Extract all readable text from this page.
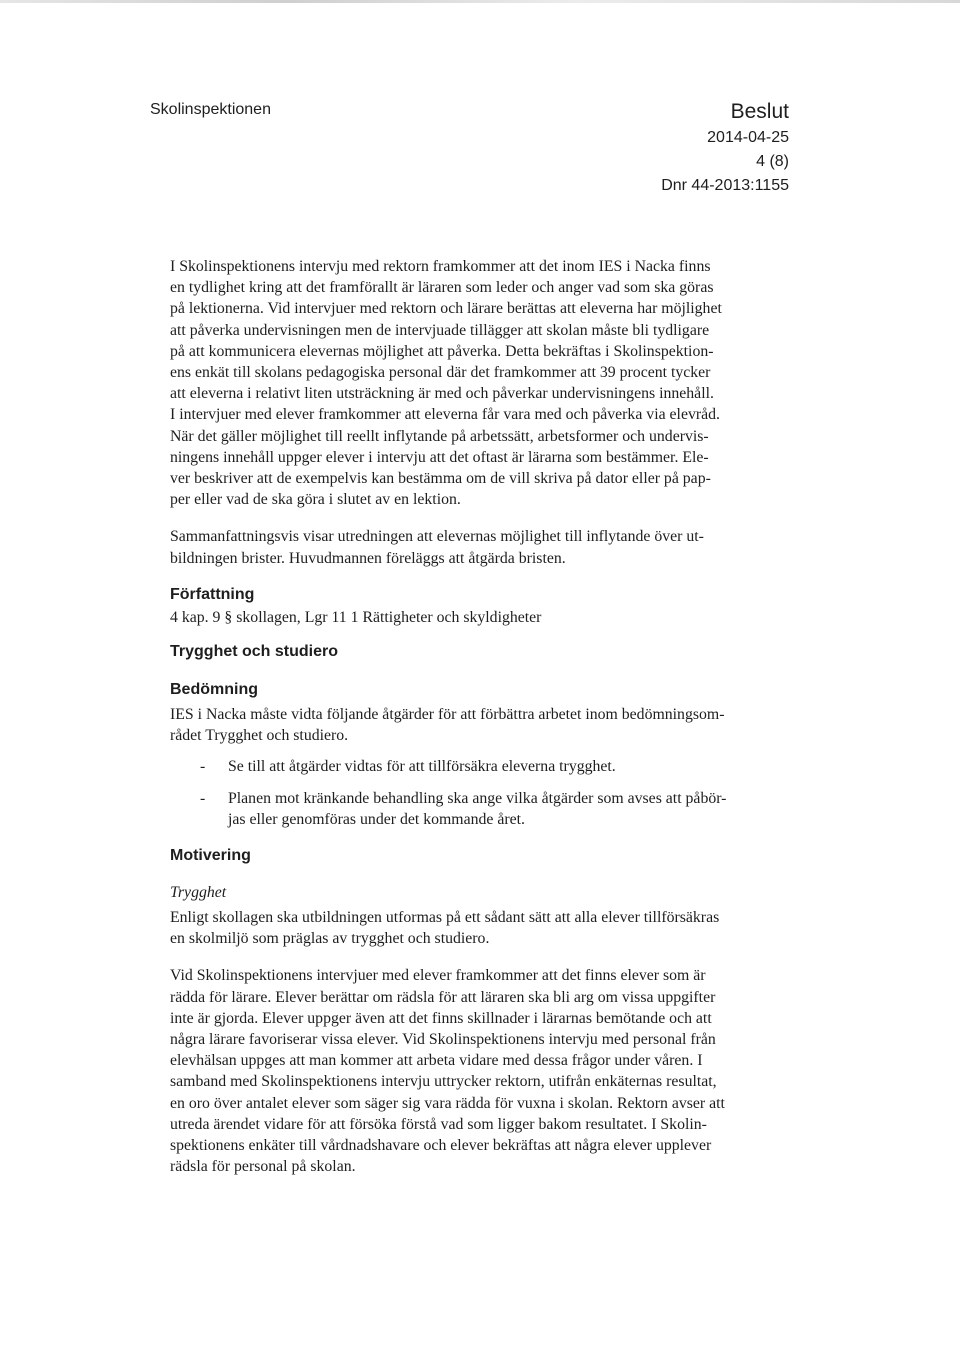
Skolinspektionen	Beslut
2014-04-25
4 (8)
Dnr 44-2013:1155
I Skolinspektionens intervju med rektorn framkommer att det inom IES i Nacka finns
en tydlighet kring att det framförallt är läraren som leder och anger vad som ska göras
på lektionerna. Vid intervjuer med rektorn och lärare berättas att eleverna har möjlighet
att påverka undervisningen men de intervjuade tillägger att skolan måste bli tydligare
på att kommunicera elevernas möjlighet att påverka. Detta bekräftas i Skolinspektion-
ens enkät till skolans pedagogiska personal där det framkommer att 39 procent tycker
att eleverna i relativt liten utsträckning är med och påverkar undervisningens innehåll.
I intervjuer med elever framkommer att eleverna får vara med och påverka via elevråd.
När det gäller möjlighet till reellt inflytande på arbetssätt, arbetsformer och undervis-
ningens innehåll uppger elever i intervju att det oftast är lärarna som bestämmer. Ele-
ver beskriver att de exempelvis kan bestämma om de vill skriva på dator eller på pap-
per eller vad de ska göra i slutet av en lektion.
Sammanfattningsvis visar utredningen att elevernas möjlighet till inflytande över ut-
bildningen brister. Huvudmannen föreläggs att åtgärda bristen.
Författning
4 kap. 9 § skollagen, Lgr 11 1 Rättigheter och skyldigheter
Trygghet och studiero
Bedömning
IES i Nacka måste vidta följande åtgärder för att förbättra arbetet inom bedömningsom-
rådet Trygghet och studiero.
- Se till att åtgärder vidtas för att tillförsäkra eleverna trygghet.
- Planen mot kränkande behandling ska ange vilka åtgärder som avses att påbör-
jas eller genomföras under det kommande året.
Motivering
Trygghet
Enligt skollagen ska utbildningen utformas på ett sådant sätt att alla elever tillförsäkras
en skolmiljö som präglas av trygghet och studiero.
Vid Skolinspektionens intervjuer med elever framkommer att det finns elever som är
rädda för lärare. Elever berättar om rädsla för att läraren ska bli arg om vissa uppgifter
inte är gjorda. Elever uppger även att det finns skillnader i lärarnas bemötande och att
några lärare favoriserar vissa elever. Vid Skolinspektionens intervju med personal från
elevhälsan uppges att man kommer att arbeta vidare med dessa frågor under våren. I
samband med Skolinspektionens intervju uttrycker rektorn, utifrån enkäternas resultat,
en oro över antalet elever som säger sig vara rädda för vuxna i skolan. Rektorn avser att
utreda ärendet vidare för att försöka förstå vad som ligger bakom resultatet. I Skolin-
spektionens enkäter till vårdnadshavare och elever bekräftas att några elever upplever
rädsla för personal på skolan.
